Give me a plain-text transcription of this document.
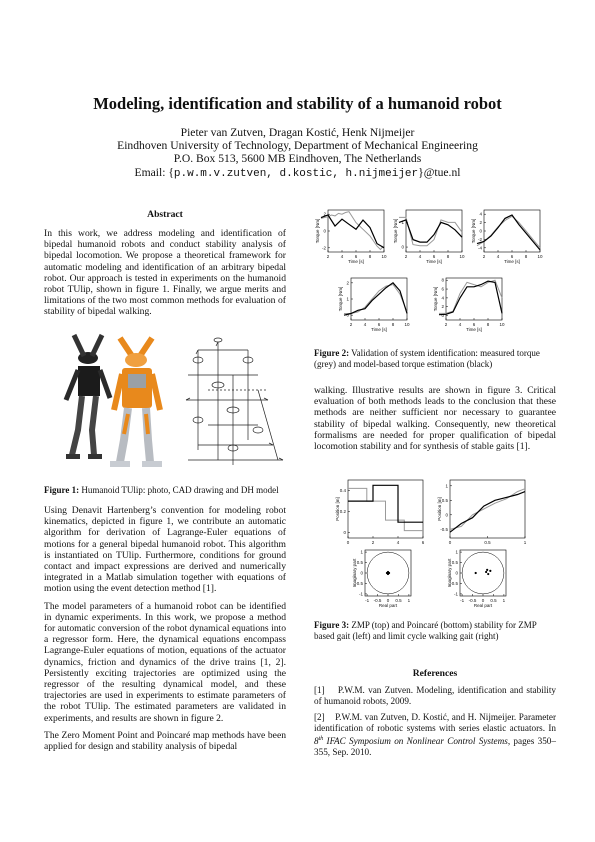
Modeling, identification and stability of a humanoid robot
Pieter van Zutven, Dragan Kostić, Henk Nijmeijer
Eindhoven University of Technology, Department of Mechanical Engineering
P.O. Box 513, 5600 MB Eindhoven, The Netherlands
Email: {p.w.m.v.zutven, d.kostic, h.nijmeijer}@tue.nl
Abstract
In this work, we address modeling and identification of bipedal humanoid robots and conduct stability analysis of bipedal locomotion. We propose a theoretical framework for automatic modeling and identification of an arbitrary bipedal robot. Our approach is tested in experiments on the humanoid robot TUlip, shown in figure 1. Finally, we argue merits and limitations of the two most common methods for evaluation of stability of bipedal walking.
Figure 1: Humanoid TUlip: photo, CAD drawing and DH model

Using Denavit Hartenberg’s convention for modeling robot kinematics, depicted in figure 1, we contribute an automatic algorithm for derivation of Lagrange-Euler equations of motions for a general bipedal humanoid robot. This algorithm is instantiated on TUlip. Furthermore, conditions for ground contact and impact expressions are derived and numerically integrated in a Matlab simulation together with equations of motion using the event detection method [1].

The model parameters of a humanoid robot can be identified in dynamic experiments. In this work, we propose a method for automatic conversion of the robot dynamical equations into a regressor form. Here, the dynamical equations encompass Lagrange-Euler equations of motion, equations of the actuator dynamics, friction and dynamics of the drive trains [1, 2]. Persistently exciting trajectories are optimized using the regressor of the resulting dynamical model, and these trajectories are used in experiments to estimate parameters of the robot TUlip. The estimated parameters are validated in experiments, and results are shown in figure 2.

The Zero Moment Point and Poincaré map methods have been applied for design and stability analysis of bipedal

2	4	6	8 10
-2
0
2
Time [s]
Torque [Nm]
2	4	6	8 10
0
1
Time [s]
Torque [Nm]
2	4	6	8 10
-4
-2
0
2
4
Time [s]
Torque [Nm]
2	4	6	8 10
0
1
2
Time [s]
Torque [Nm]
2	4	6	8 10
0
2
4
6
8
Time [s]
Torque [Nm]
Figure 2: Validation of system identification: measured torque (grey) and model-based torque estimation (black)
walking. Illustrative results are shown in figure 3. Critical evaluation of both methods leads to the conclusion that these methods are neither sufficient nor necessary to guarantee stability of bipedal walking. Consequently, new theoretical formalisms are needed for proper qualification of bipedal locomotion stability and for synthesis of stable gaits [1].
0	2	4	6
0
0.2
0.4
Position [m]
0	0.5	1
-0.5
0
0.5
1
Position [m]
-1 -0.5 0 0.5 1
-1
-0.5
0
0.5
1
Real part
Imaginary part
-1 -0.5 0 0.5 1
-1
-0.5
0
0.5
1
Real part
Imaginary part
Figure 3: ZMP (top) and Poincaré (bottom) stability for ZMP based gait (left) and limit cycle walking gait (right)
References
[1] P.W.M. van Zutven. Modeling, identification and stability of humanoid robots, 2009.
[2] P.W.M. van Zutven, D. Kostić, and H. Nijmeijer. Parameter identification of robotic systems with series elastic actuators. In 8th IFAC Symposium on Nonlinear Control Systems, pages 350–355, Sep. 2010.
